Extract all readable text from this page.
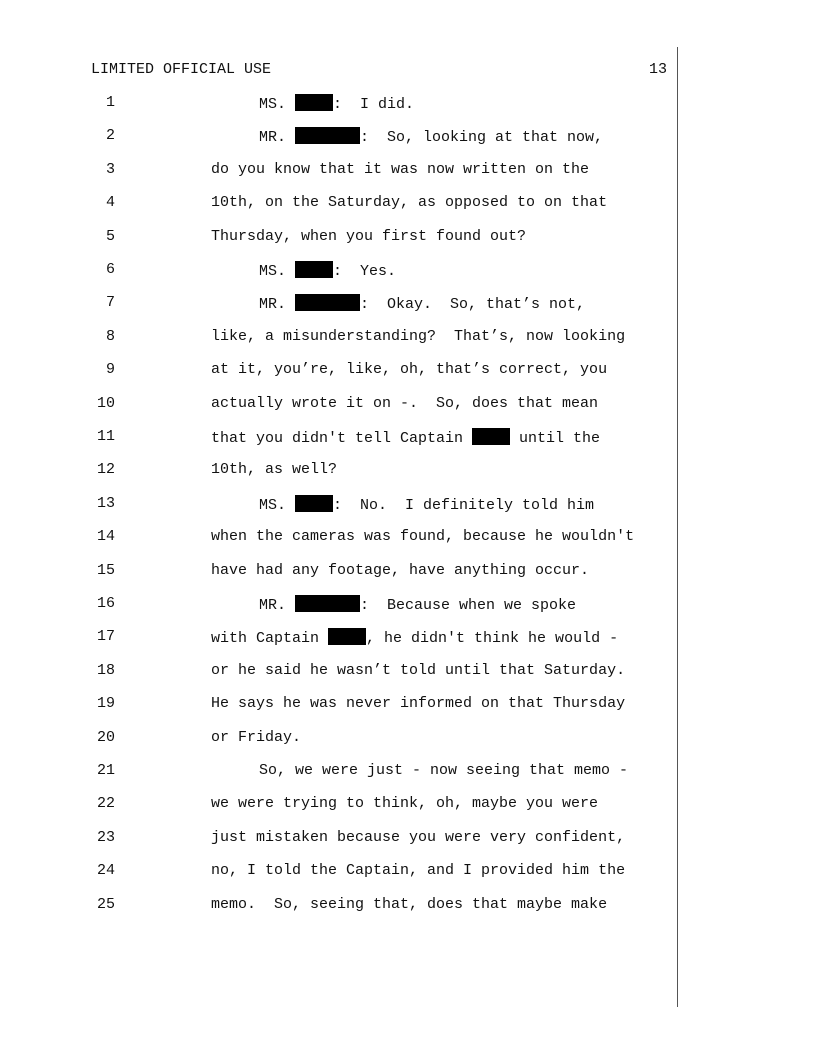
LIMITED OFFICIAL USE	13
1	MS.	:  I did.
2	MR.	:  So, looking at that now,
3	do you know that it was now written on the
4	10th, on the Saturday, as opposed to on that
5	Thursday, when you first found out?
6	MS.	:  Yes.
7	MR.	:  Okay.  So, that’s not,
8	like, a misunderstanding?  That’s, now looking
9	at it, you’re, like, oh, that’s correct, you
10	actually wrote it on -.  So, does that mean
11	that you didn't tell Captain	until the
12	10th, as well?
13	MS.	:  No.  I definitely told him
14	when the cameras was found, because he wouldn't
15	have had any footage, have anything occur.
16	MR.	:  Because when we spoke
17	with Captain	, he didn't think he would -
18	or he said he wasn’t told until that Saturday.
19	He says he was never informed on that Thursday
20	or Friday.
21	So, we were just - now seeing that memo -
22	we were trying to think, oh, maybe you were
23	just mistaken because you were very confident,
24	no, I told the Captain, and I provided him the
25	memo.  So, seeing that, does that maybe make
